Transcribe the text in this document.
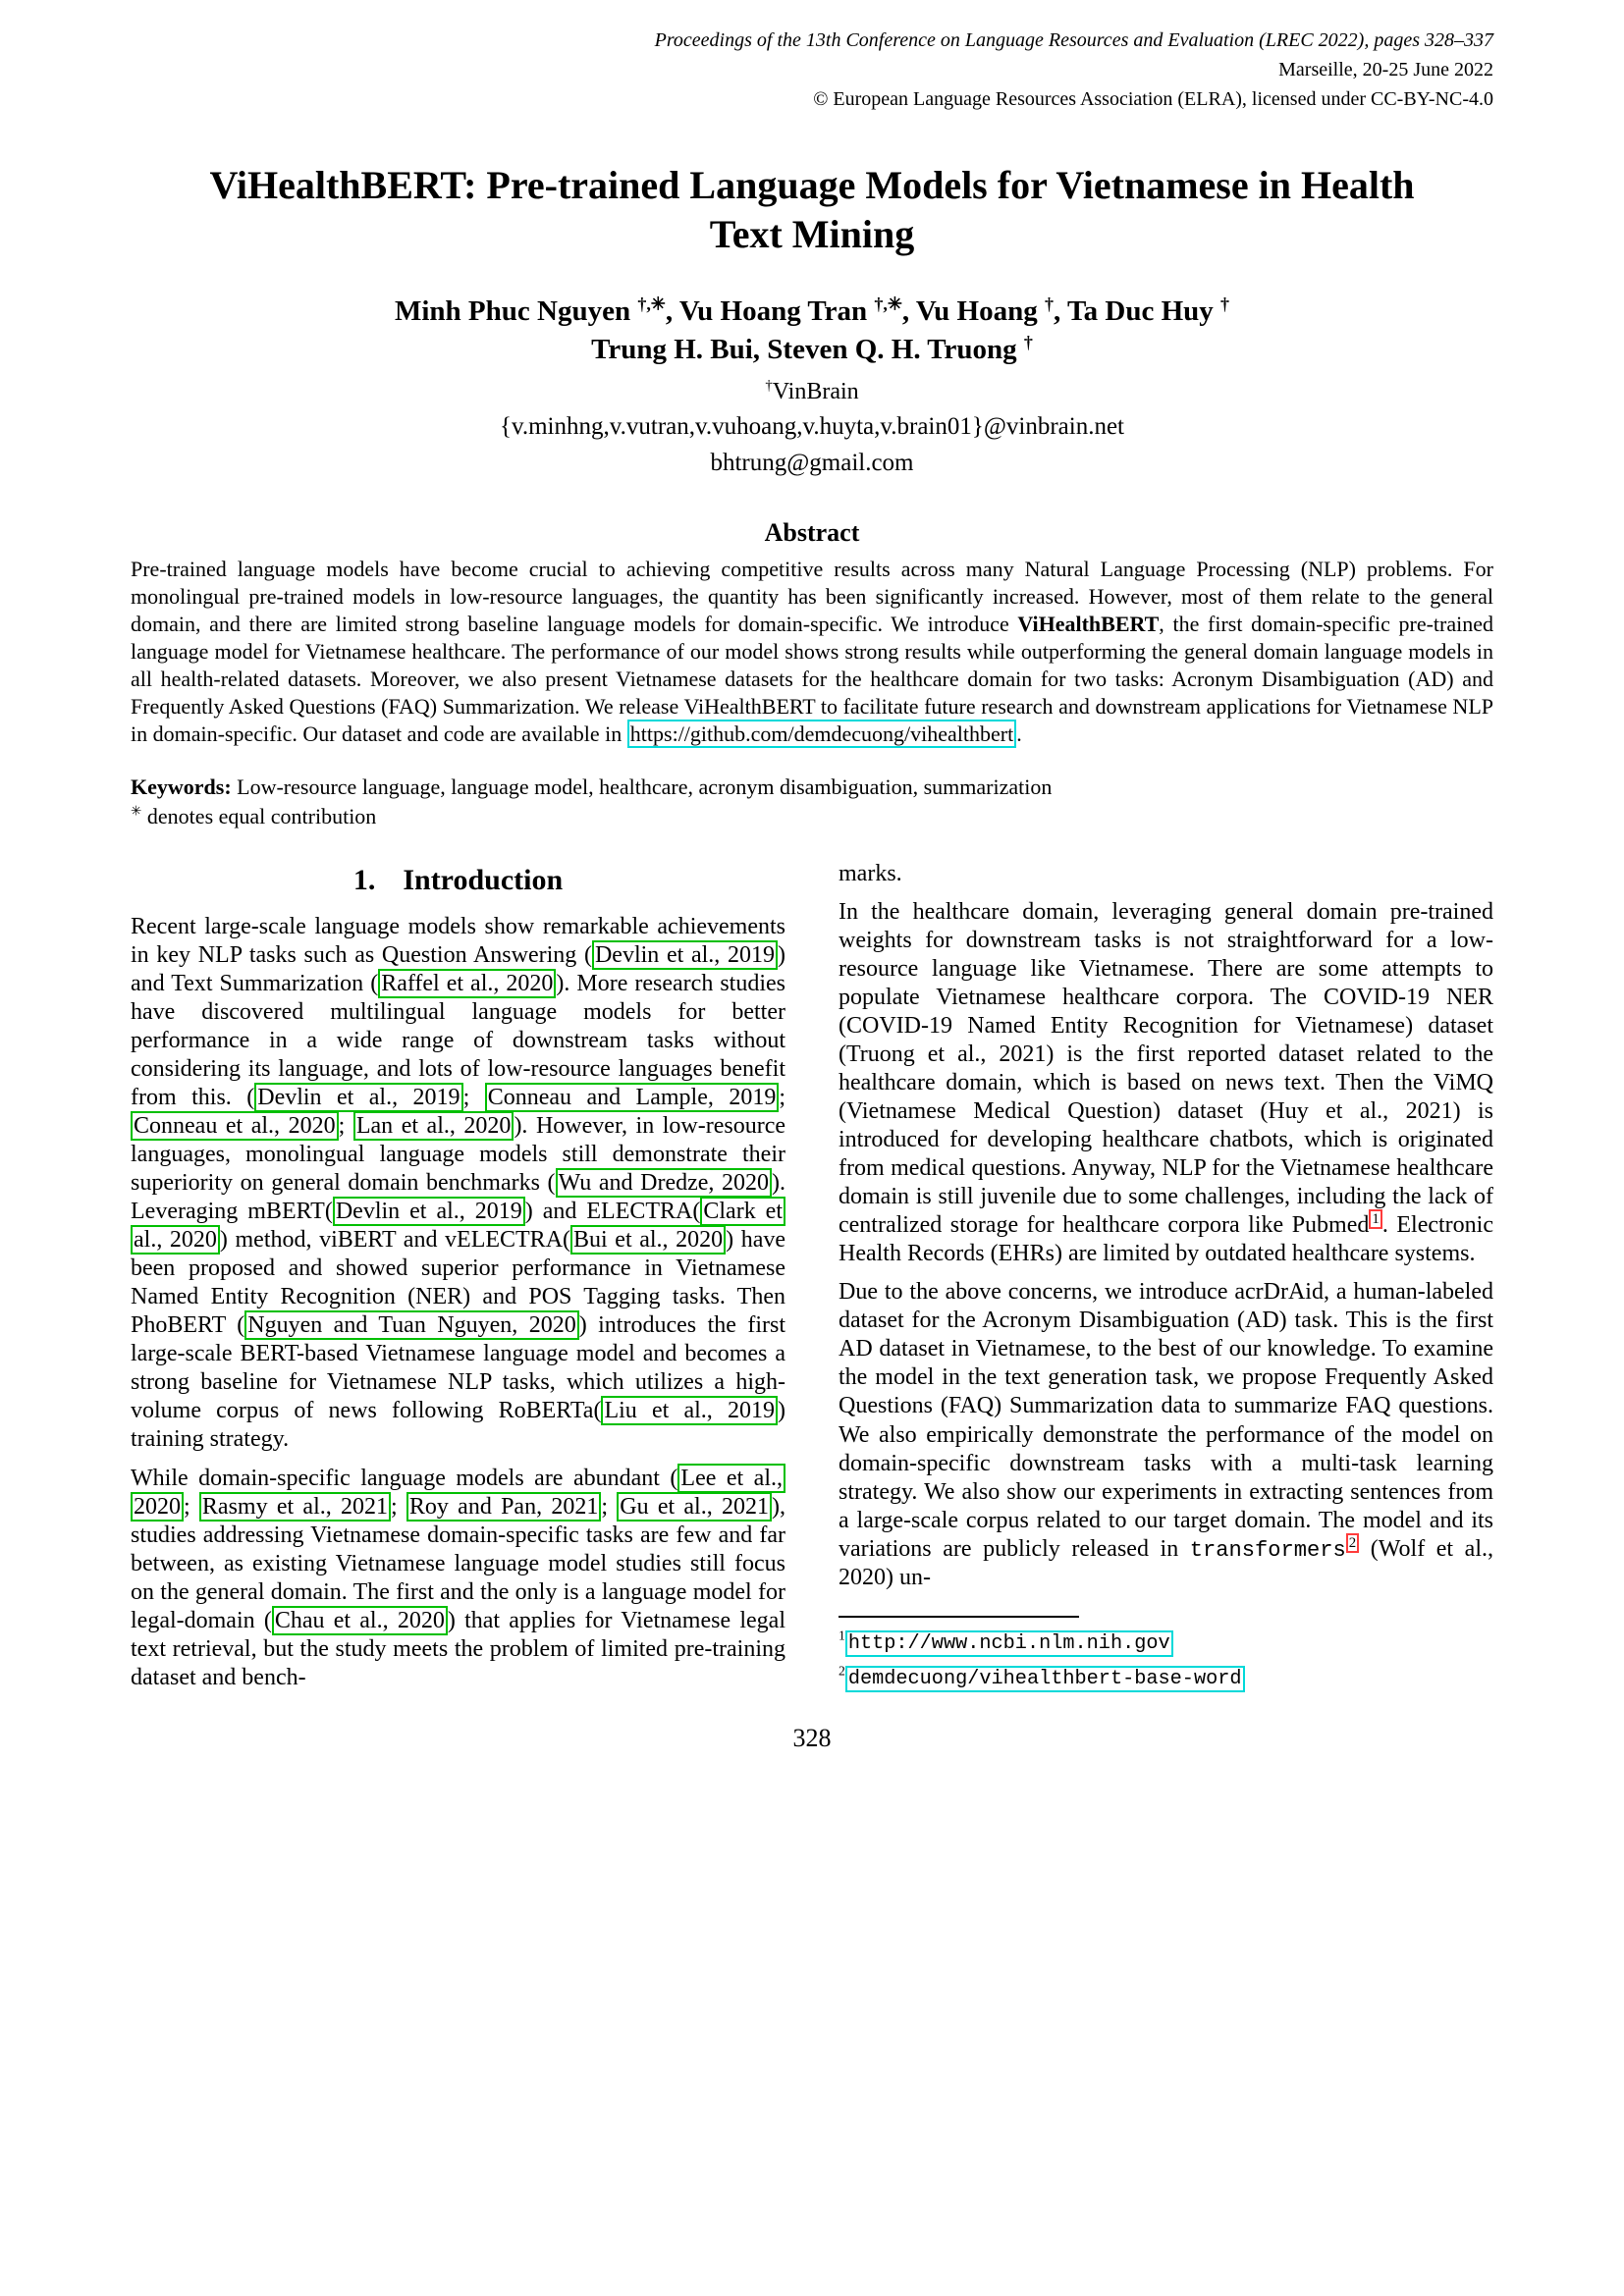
Proceedings of the 13th Conference on Language Resources and Evaluation (LREC 2022), pages 328–337
Marseille, 20-25 June 2022
© European Language Resources Association (ELRA), licensed under CC-BY-NC-4.0
ViHealthBERT: Pre-trained Language Models for Vietnamese in Health Text Mining
Minh Phuc Nguyen †,✳, Vu Hoang Tran †,✳, Vu Hoang †, Ta Duc Huy †
Trung H. Bui, Steven Q. H. Truong †
†VinBrain
{v.minhng,v.vutran,v.vuhoang,v.huyta,v.brain01}@vinbrain.net
bhtrung@gmail.com
Abstract

Pre-trained language models have become crucial to achieving competitive results across many Natural Language Processing (NLP) problems. For monolingual pre-trained models in low-resource languages, the quantity has been significantly increased. However, most of them relate to the general domain, and there are limited strong baseline language models for domain-specific. We introduce ViHealthBERT, the first domain-specific pre-trained language model for Vietnamese healthcare. The performance of our model shows strong results while outperforming the general domain language models in all health-related datasets. Moreover, we also present Vietnamese datasets for the healthcare domain for two tasks: Acronym Disambiguation (AD) and Frequently Asked Questions (FAQ) Summarization. We release ViHealthBERT to facilitate future research and downstream applications for Vietnamese NLP in domain-specific. Our dataset and code are available in https://github.com/demdecuong/vihealthbert .

Keywords: Low-resource language, language model, healthcare, acronym disambiguation, summarization

✳ denotes equal contribution

1. Introduction

Recent large-scale language models show remarkable achievements in key NLP tasks such as Question Answering ( Devlin et al., 2019 ) and Text Summarization ( Raffel et al., 2020 ). More research studies have discovered multilingual language models for better performance in a wide range of downstream tasks without considering its language, and lots of low-resource languages benefit from this. ( Devlin et al., 2019 ; Conneau and Lample, 2019 ; Conneau et al., 2020 ; Lan et al., 2020 ). However, in low-resource languages, monolingual language models still demonstrate their superiority on general domain benchmarks ( Wu and Dredze, 2020 ). Leveraging mBERT( Devlin et al., 2019 ) and ELECTRA( Clark et al., 2020 ) method, viBERT and vELECTRA( Bui et al., 2020 ) have been proposed and showed superior performance in Vietnamese Named Entity Recognition (NER) and POS Tagging tasks. Then PhoBERT ( Nguyen and Tuan Nguyen, 2020 ) introduces the first large-scale BERT-based Vietnamese language model and becomes a strong baseline for Vietnamese NLP tasks, which utilizes a high-volume corpus of news following RoBERTa( Liu et al., 2019 ) training strategy.

While domain-specific language models are abundant ( Lee et al., 2020 ; Rasmy et al., 2021 ; Roy and Pan, 2021 ; Gu et al., 2021 ), studies addressing Vietnamese domain-specific tasks are few and far between, as existing Vietnamese language model studies still focus on the general domain. The first and the only is a language model for legal-domain ( Chau et al., 2020 ) that applies for Vietnamese legal text retrieval, but the study meets the problem of limited pre-training dataset and bench-

marks.

In the healthcare domain, leveraging general domain pre-trained weights for downstream tasks is not straightforward for a low-resource language like Vietnamese. There are some attempts to populate Vietnamese healthcare corpora. The COVID-19 NER (COVID-19 Named Entity Recognition for Vietnamese) dataset (Truong et al., 2021) is the first reported dataset related to the healthcare domain, which is based on news text. Then the ViMQ (Vietnamese Medical Question) dataset (Huy et al., 2021) is introduced for developing healthcare chatbots, which is originated from medical questions. Anyway, NLP for the Vietnamese healthcare domain is still juvenile due to some challenges, including the lack of centralized storage for healthcare corpora like Pubmed $^1$ . Electronic Health Records (EHRs) are limited by outdated healthcare systems.

Due to the above concerns, we introduce acrDrAid, a human-labeled dataset for the Acronym Disambiguation (AD) task. This is the first AD dataset in Vietnamese, to the best of our knowledge. To examine the model in the text generation task, we propose Frequently Asked Questions (FAQ) Summarization data to summarize FAQ questions. We also empirically demonstrate the performance of the model on domain-specific downstream tasks with a multi-task learning strategy. We also show our experiments in extracting sentences from a large-scale corpus related to our target domain. The model and its variations are publicly released in transformers $^2$ (Wolf et al., 2020) un-

$^1$ http://www.ncbi.nlm.nih.gov

$^2$ demdecuong/vihealthbert-base-word

328
